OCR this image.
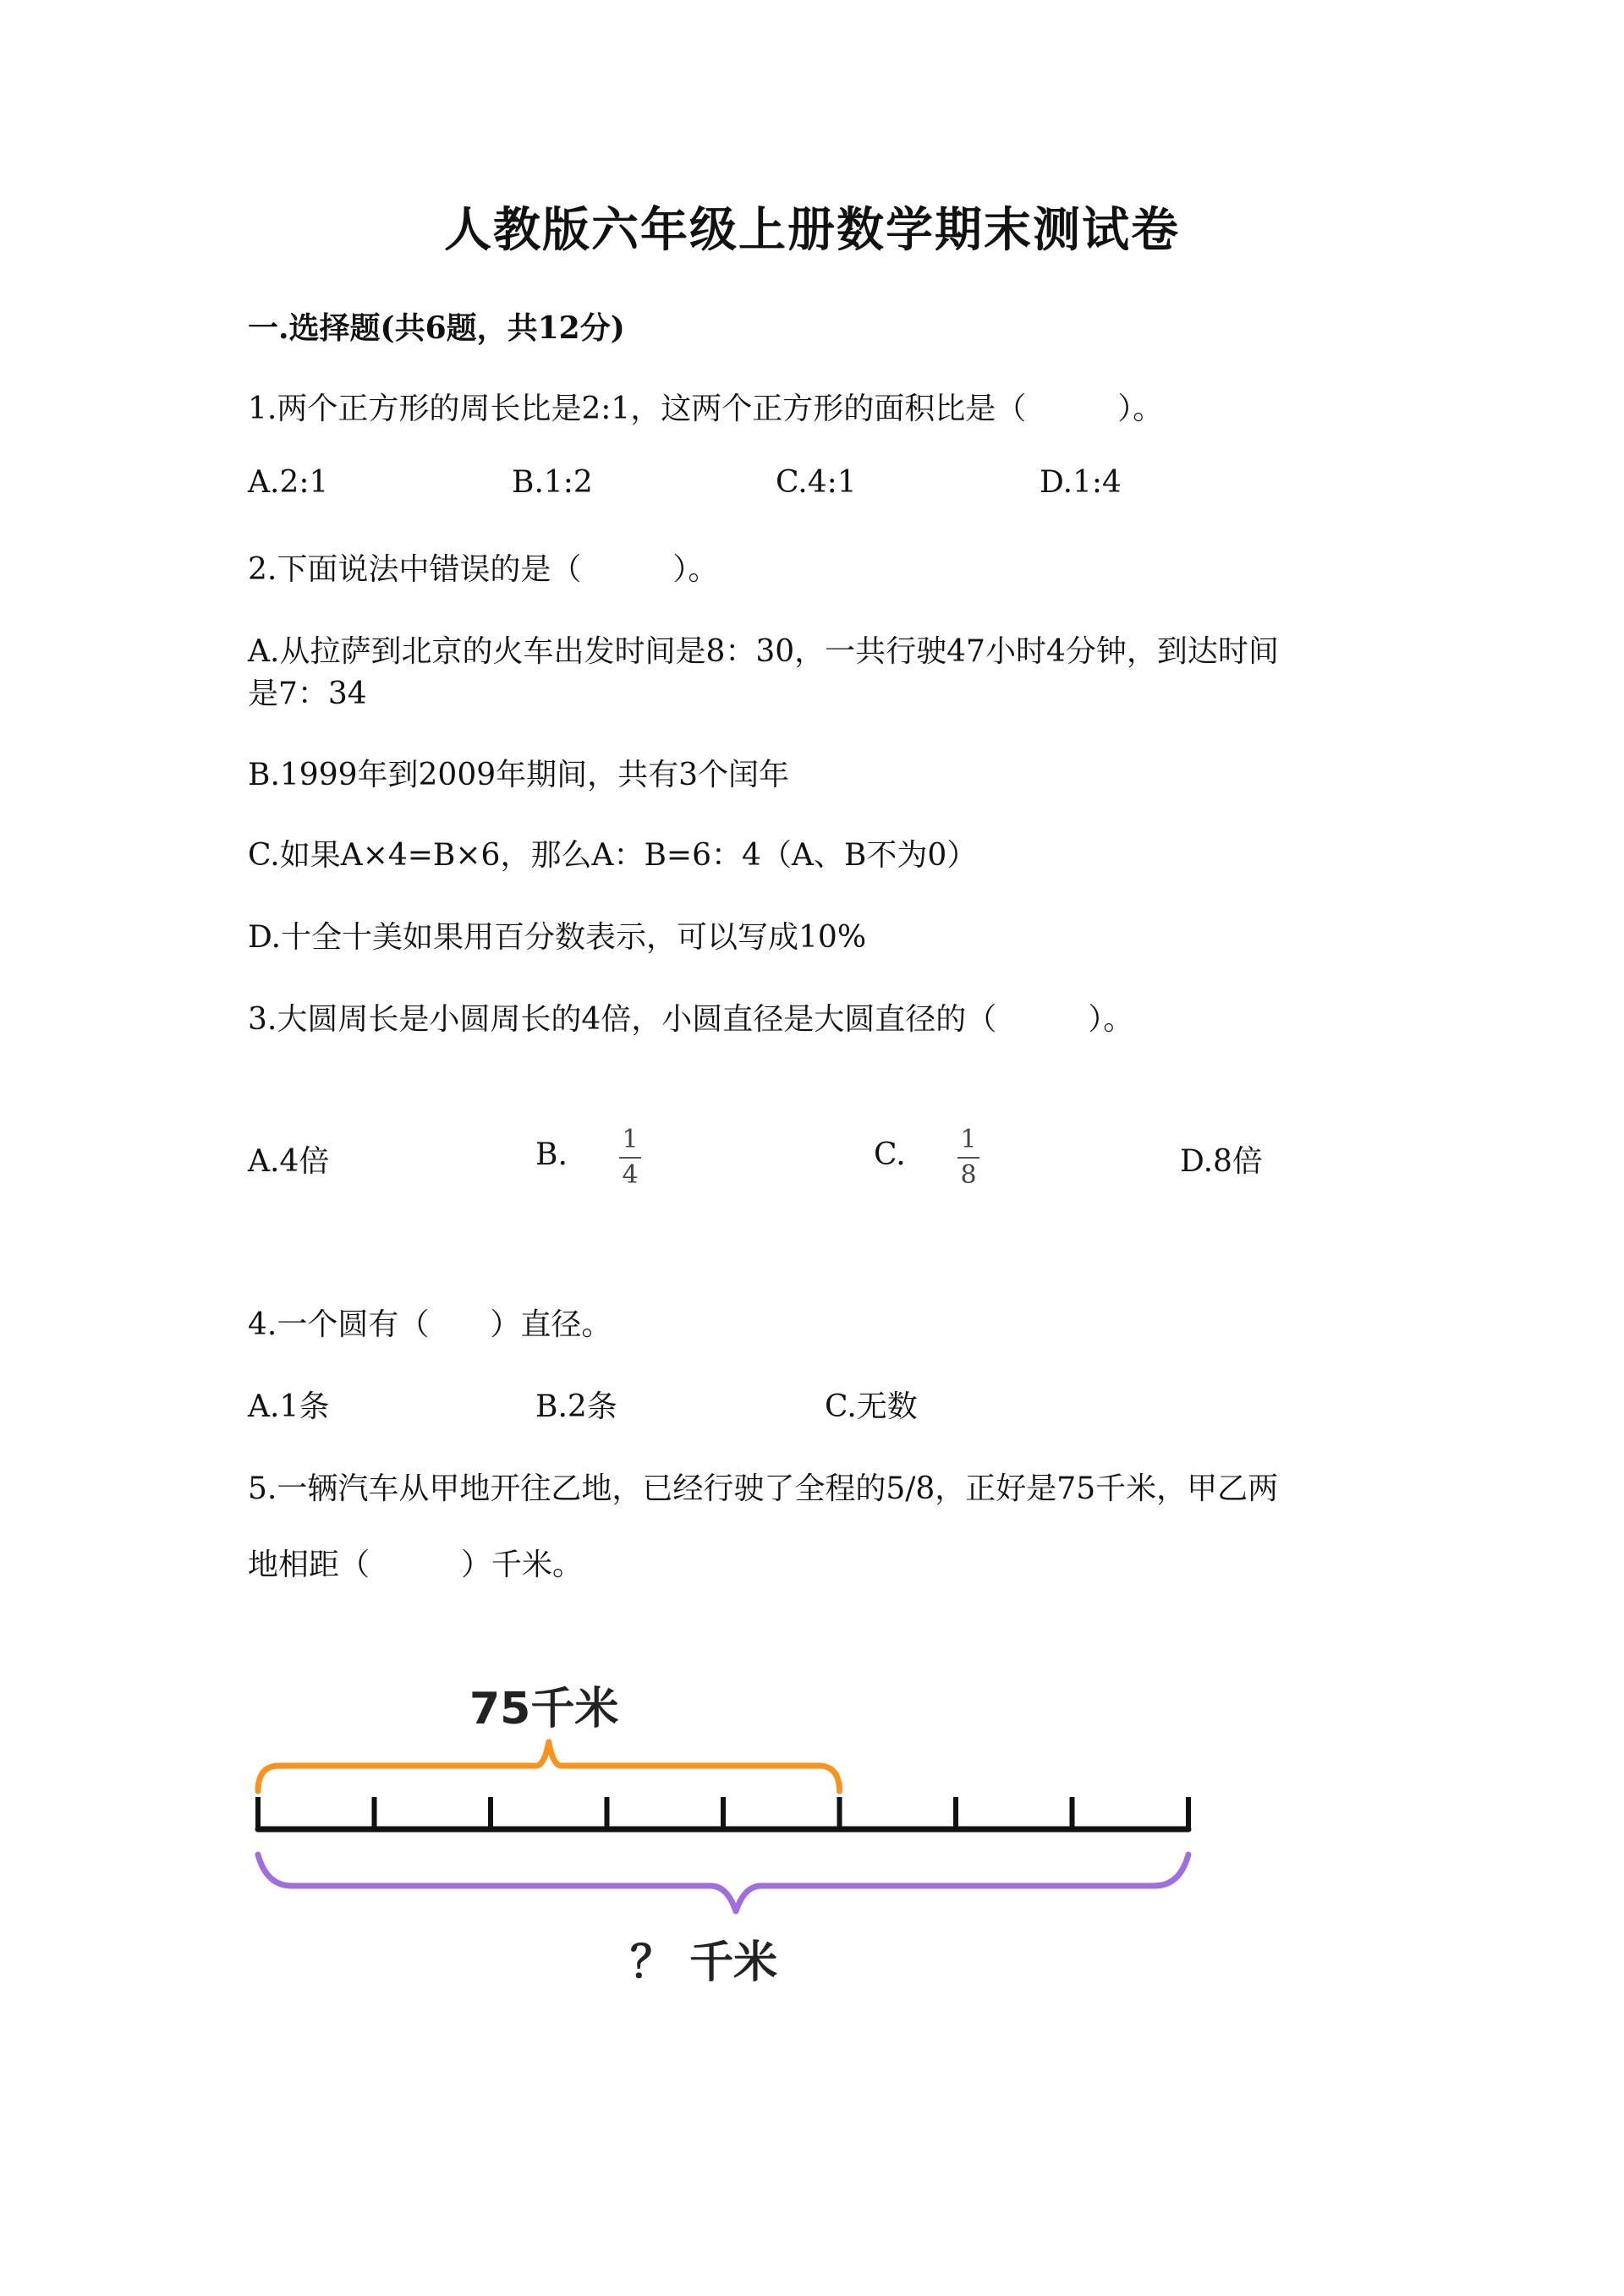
人教版六年级上册数学期末测试卷
一.选择题(共6题，共12分)
1.两个正方形的周长比是2:1，这两个正方形的面积比是（　　　）。
A.2:1	B.1:2	C.4:1	D.1:4
2.下面说法中错误的是（　　　）。
A.从拉萨到北京的火车出发时间是8：30，一共行驶47小时4分钟，到达时间
是7：34
B.1999年到2009年期间，共有3个闰年
C.如果A×4=B×6，那么A：B=6：4（A、B不为0）
D.十全十美如果用百分数表示，可以写成10%
3.大圆周长是小圆周长的4倍，小圆直径是大圆直径的（　　　）。
A.4倍	B. 1
4
C. 1
8	D.8倍
4.一个圆有（　　）直径。
A.1条	B.2条	C.无数
5.一辆汽车从甲地开往乙地，已经行驶了全程的5/8，正好是75千米，甲乙两
地相距（　　　）千米。
75千米
？ 千米
